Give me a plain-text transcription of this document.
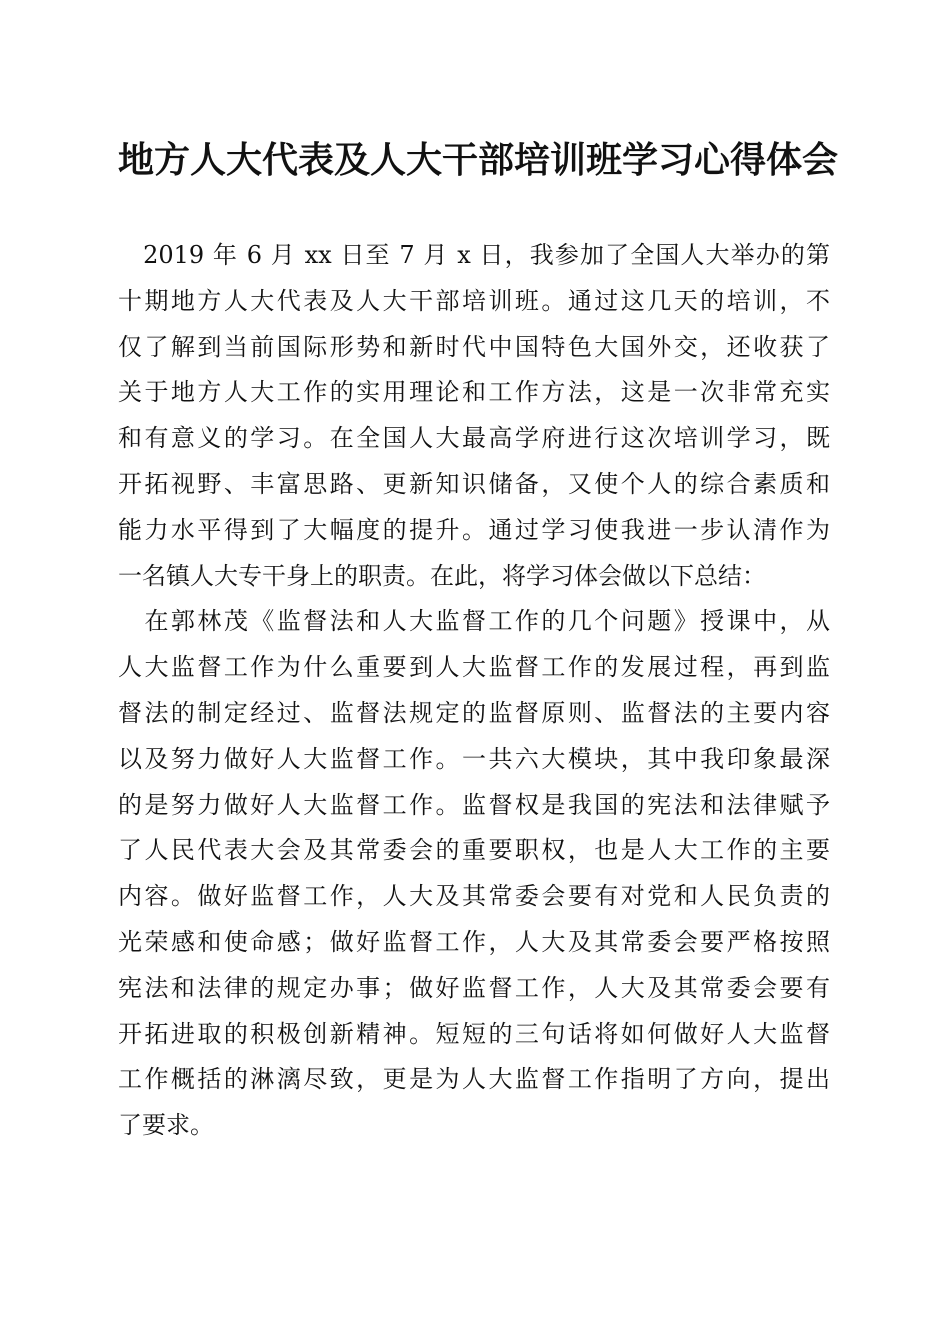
地方人大代表及人大干部培训班学习心得体会
　2019 年 6 月 xx 日至 7 月 x 日，我参加了全国人大举办的第
十期地方人大代表及人大干部培训班。通过这几天的培训，不
仅了解到当前国际形势和新时代中国特色大国外交，还收获了
关于地方人大工作的实用理论和工作方法，这是一次非常充实
和有意义的学习。在全国人大最高学府进行这次培训学习，既
开拓视野、丰富思路、更新知识储备，又使个人的综合素质和
能力水平得到了大幅度的提升。通过学习使我进一步认清作为
一名镇人大专干身上的职责。在此，将学习体会做以下总结：
　在郭林茂《监督法和人大监督工作的几个问题》授课中，从
人大监督工作为什么重要到人大监督工作的发展过程，再到监
督法的制定经过、监督法规定的监督原则、监督法的主要内容
以及努力做好人大监督工作。一共六大模块，其中我印象最深
的是努力做好人大监督工作。监督权是我国的宪法和法律赋予
了人民代表大会及其常委会的重要职权，也是人大工作的主要
内容。做好监督工作，人大及其常委会要有对党和人民负责的
光荣感和使命感；做好监督工作，人大及其常委会要严格按照
宪法和法律的规定办事；做好监督工作，人大及其常委会要有
开拓进取的积极创新精神。短短的三句话将如何做好人大监督
工作概括的淋漓尽致，更是为人大监督工作指明了方向，提出
了要求。
